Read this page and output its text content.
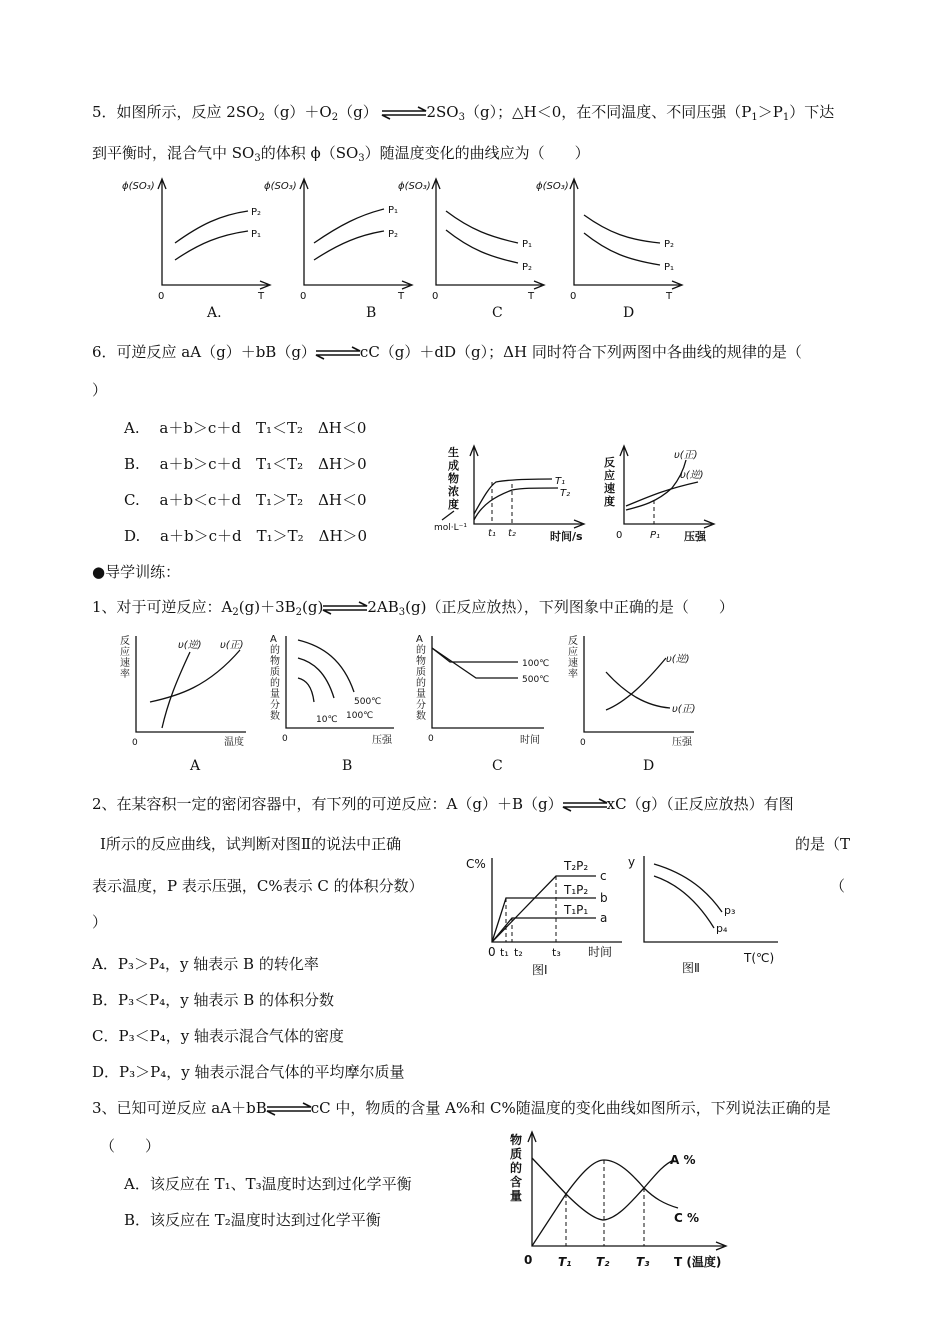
5．如图所示，反应 $2SO_2(g)+O_2(g)$	$2SO_3(g)$；△H＜0，在不同温度、不同压强$(P_1>P_1)$下达
到平衡时，混合气中 $SO_3$的体积 $\phi(SO_3)$随温度变化的曲线应为（　　）
ϕ(SO₃)
P₂
P₁
0	T
A.
ϕ(SO₃)
P₁
P₂
0	T
B
ϕ(SO₃)
P₁
P₂
0	T
C
ϕ(SO₃)
P₂
P₁
0	T
D
6．可逆反应 aA（g）＋bB（g）	cC（g）＋dD（g）；ΔH 同时符合下列两图中各曲线的规律的是（
）
A.　 a＋b＞c＋d　T₁＜T₂　ΔH＜0
B.　 a＋b＞c＋d　T₁＜T₂　ΔH＞0
C.　 a＋b＜c＋d　T₁＞T₂　ΔH＜0
D.　 a＋b＞c＋d　T₁＞T₂　ΔH＞0
生
成
物
浓
度
mol·L⁻¹
T₁
T₂
t₁ t₂	时间/s
反
应
速
度
υ(正)
υ(逆)
0	P₁ 压强
●导学训练：
1、对于可逆反应：$A_2(g)+3B_2(g)$	$2AB_3(g)$（正反应放热），下列图象中正确的是（　　）
反
应
速
率
υ(逆) υ(正)
0	温度
A
A
的
物
质
的
量
分
数
500℃
100℃
10℃
0	压强
B
A
的
物
质
的
量
分
数
100℃
500℃
0	时间
C
反
应
速
率
υ(逆)
υ(正)
0	压强
D
2、在某容积一定的密闭容器中，有下列的可逆反应：A（g）＋B（g）	xC（g）（正反应放热）有图
Ⅰ所示的反应曲线，试判断对图Ⅱ的说法中正确	的是（T
表示温度，P 表示压强，C%表示 C 的体积分数）	（
）
A．P₃＞P₄，y 轴表示 B 的转化率
B．P₃＜P₄，y 轴表示 B 的体积分数
C．P₃＜P₄，y 轴表示混合气体的密度
D．P₃＞P₄，y 轴表示混合气体的平均摩尔质量
C%	T₂P₂
T₁P₂
T₁P₁
c
b
a
0 t₁ t₂	t₃ 时间
图Ⅰ
y
p₃
p₄
T(℃)
图Ⅱ
3、已知可逆反应 aA＋bB	cC 中，物质的含量 A%和 C%随温度的变化曲线如图所示，下列说法正确的是
（　　）
A．该反应在 T₁、T₃温度时达到过化学平衡
B．该反应在 T₂温度时达到过化学平衡
物
质
的
含
量
A %
C %
0 T₁ T₂ T₃ T (温度)
